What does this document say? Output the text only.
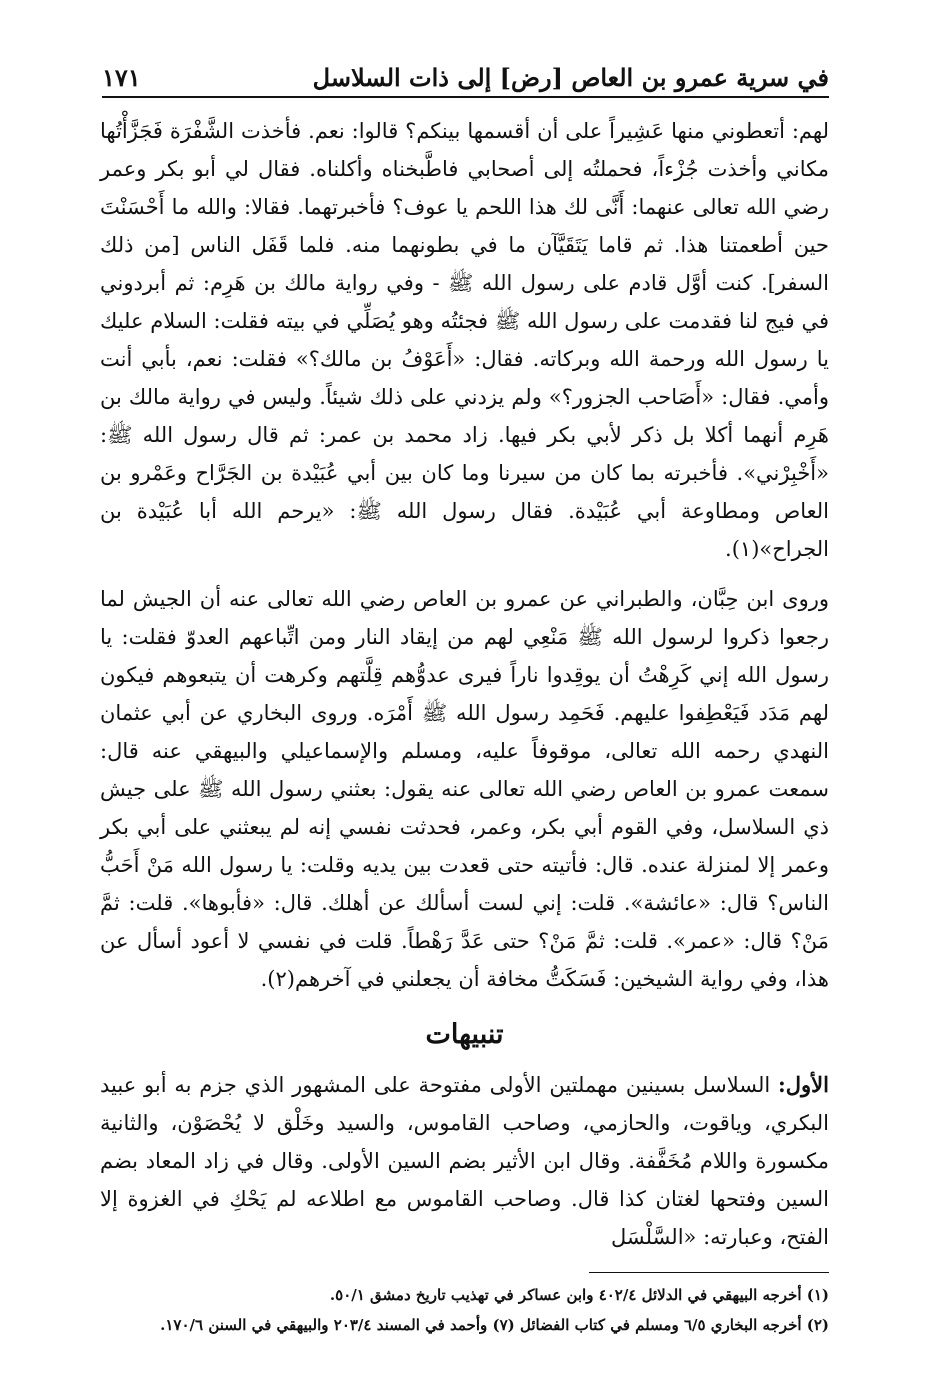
في سرية عمرو بن العاص [رض] إلى ذات السلاسل
١٧١

لهم: أتعطوني منها عَشِيراً على أن أقسمها بينكم؟ قالوا: نعم. فأخذت الشَّفْرَة فَجَزَّأْتُها مكاني وأخذت جُزْءاً، فحملتُه إلى أصحابي فاطَّبخناه وأكلناه. فقال لي أبو بكر وعمر رضي الله تعالى عنهما: أَنَّى لك هذا اللحم يا عوف؟ فأخبرتهما. فقالا: والله ما أَحْسَنْتَ حين أطعمتنا هذا. ثم قاما يَتَقَيَّآن ما في بطونهما منه. فلما قَفَل الناس [من ذلك السفر]. كنت أوَّل قادم على رسول الله ﷺ - وفي رواية مالك بن هَرِم: ثم أبردوني في فيج لنا فقدمت على رسول الله ﷺ فجئتُه وهو يُصَلِّي في بيته فقلت: السلام عليك يا رسول الله ورحمة الله وبركاته. فقال: «أَعَوْفُ بن مالك؟» فقلت: نعم، بأبي أنت وأمي. فقال: «أَصَاحب الجزور؟» ولم يزدني على ذلك شيئاً. وليس في رواية مالك بن هَرِم أنهما أكلا بل ذكر لأبي بكر فيها. زاد محمد بن عمر: ثم قال رسول الله ﷺ: «أَخْبِرْني». فأخبرته بما كان من سيرنا وما كان بين أبي عُبَيْدة بن الجَرَّاح وعَمْرو بن العاص ومطاوعة أبي عُبَيْدة. فقال رسول الله ﷺ: «يرحم الله أبا عُبَيْدة بن الجراح»(١).

وروى ابن حِبَّان، والطبراني عن عمرو بن العاص رضي الله تعالى عنه أن الجيش لما رجعوا ذكروا لرسول الله ﷺ مَنْعِي لهم من إيقاد النار ومن اتِّباعهم العدوّ فقلت: يا رسول الله إني كَرِهْتُ أن يوقِدوا ناراً فيرى عدوُّهم قِلَّتهم وكرهت أن يتبعوهم فيكون لهم مَدَد فَيَعْطِفوا عليهم. فَحَمِد رسول الله ﷺ أَمْرَه. وروى البخاري عن أبي عثمان النهدي رحمه الله تعالى، موقوفاً عليه، ومسلم والإسماعيلي والبيهقي عنه قال: سمعت عمرو بن العاص رضي الله تعالى عنه يقول: بعثني رسول الله ﷺ على جيش ذي السلاسل، وفي القوم أبي بكر، وعمر، فحدثت نفسي إنه لم يبعثني على أبي بكر وعمر إلا لمنزلة عنده. قال: فأتيته حتى قعدت بين يديه وقلت: يا رسول الله مَنْ أَحَبُّ الناس؟ قال: «عائشة». قلت: إني لست أسألك عن أهلك. قال: «فأبوها». قلت: ثمَّ مَنْ؟ قال: «عمر». قلت: ثمَّ مَنْ؟ حتى عَدَّ رَهْطاً. قلت في نفسي لا أعود أسأل عن هذا، وفي رواية الشيخين: فَسَكَتُّ مخافة أن يجعلني في آخرهم(٢).

تنبيهات

الأول: السلاسل بسينين مهملتين الأولى مفتوحة على المشهور الذي جزم به أبو عبيد البكري، وياقوت، والحازمي، وصاحب القاموس، والسيد وخَلْق لا يُحْصَوْن، والثانية مكسورة واللام مُخَفَّفة. وقال ابن الأثير بضم السين الأولى. وقال في زاد المعاد بضم السين وفتحها لغتان كذا قال. وصاحب القاموس مع اطلاعه لم يَحْكِ في الغزوة إلا الفتح، وعبارته: «السَّلْسَل

(١) أخرجه البيهقي في الدلائل ٤٠٢/٤ وابن عساكر في تهذيب تاريخ دمشق ٥٠/١.

(٢) أخرجه البخاري ٦/٥ ومسلم في كتاب الفضائل (٧) وأحمد في المسند ٢٠٣/٤ والبيهقي في السنن ١٧٠/٦.
